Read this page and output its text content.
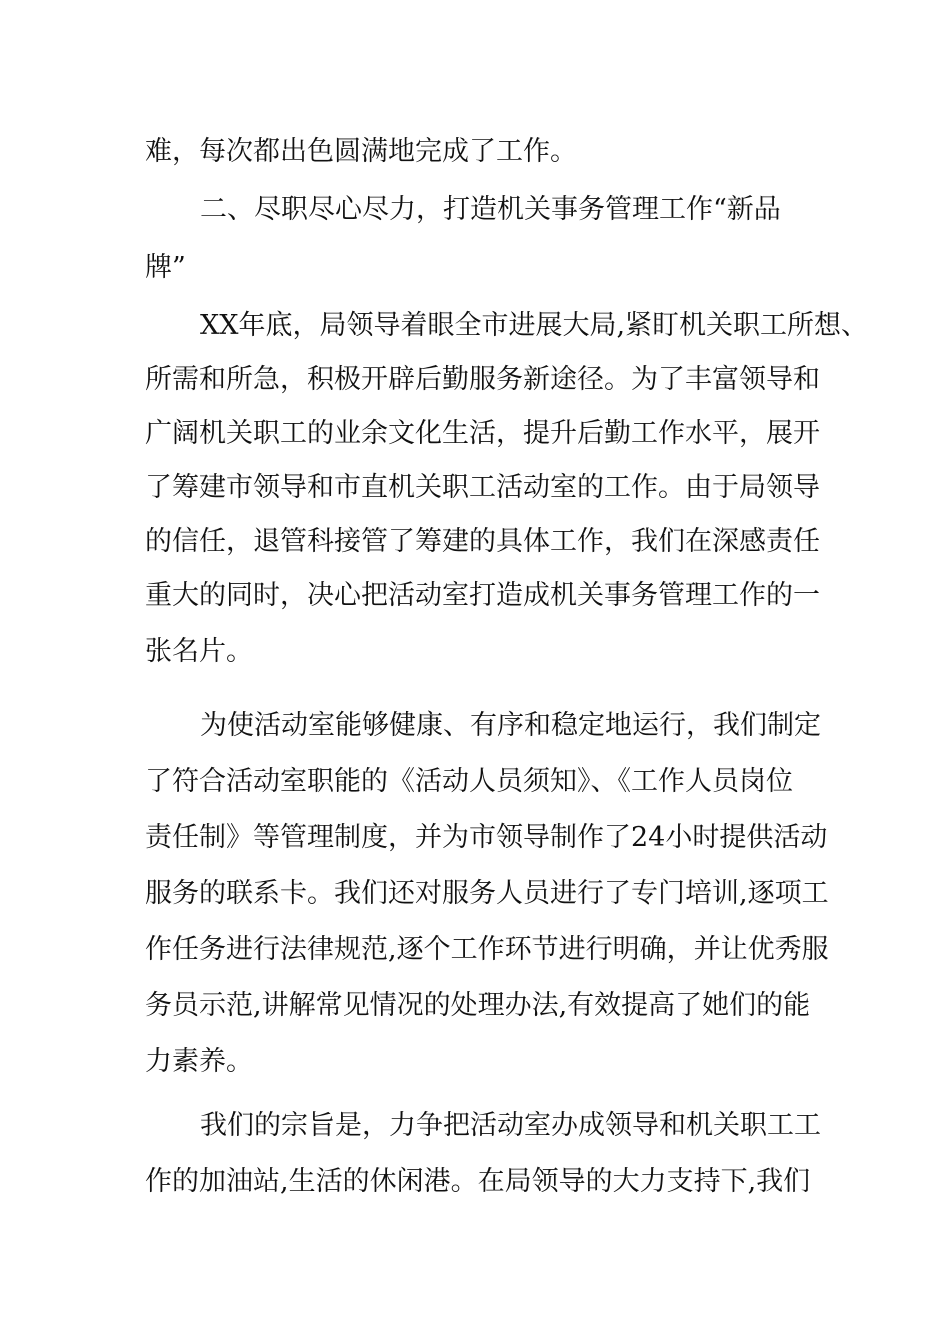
难，每次都出色圆满地完成了工作。
二、尽职尽心尽力，打造机关事务管理工作“新品
牌”
XX年底，局领导着眼全市进展大局,紧盯机关职工所想、
所需和所急，积极开辟后勤服务新途径。为了丰富领导和
广阔机关职工的业余文化生活，提升后勤工作水平，展开
了筹建市领导和市直机关职工活动室的工作。由于局领导
的信任，退管科接管了筹建的具体工作，我们在深感责任
重大的同时，决心把活动室打造成机关事务管理工作的一
张名片。
为使活动室能够健康、有序和稳定地运行，我们制定
了符合活动室职能的《活动人员须知》、《工作人员岗位
责任制》等管理制度，并为市领导制作了24小时提供活动
服务的联系卡。我们还对服务人员进行了专门培训,逐项工
作任务进行法律规范,逐个工作环节进行明确，并让优秀服
务员示范,讲解常见情况的处理办法,有效提高了她们的能
力素养。
我们的宗旨是，力争把活动室办成领导和机关职工工
作的加油站,生活的休闲港。在局领导的大力支持下,我们
